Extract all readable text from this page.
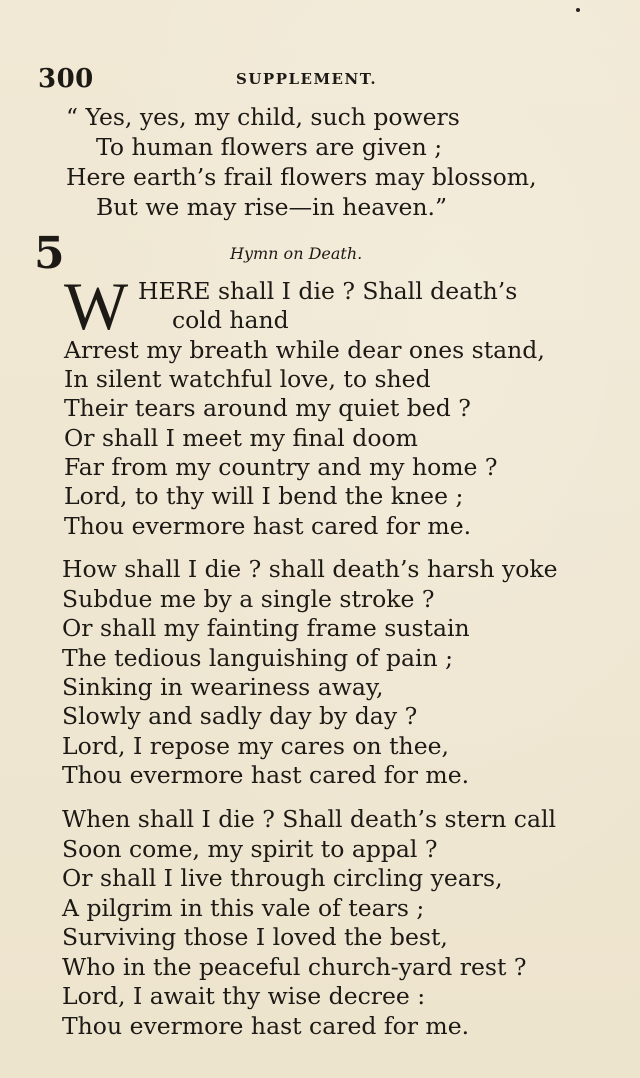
300	SUPPLEMENT.
“ Yes, yes, my child, such powers
To human flowers are given ;
Here earth’s frail flowers may blossom,
But we may rise—in heaven.”
5	Hymn on Death.
W HERE shall I die ? Shall death’s
cold hand
Arrest my breath while dear ones stand,
In silent watchful love, to shed
Their tears around my quiet bed ?
Or shall I meet my final doom
Far from my country and my home ?
Lord, to thy will I bend the knee ;
Thou evermore hast cared for me.
How shall I die ? shall death’s harsh yoke
Subdue me by a single stroke ?
Or shall my fainting frame sustain
The tedious languishing of pain ;
Sinking in weariness away,
Slowly and sadly day by day ?
Lord, I repose my cares on thee,
Thou evermore hast cared for me.
When shall I die ? Shall death’s stern call
Soon come, my spirit to appal ?
Or shall I live through circling years,
A pilgrim in this vale of tears ;
Surviving those I loved the best,
Who in the peaceful church-yard rest ?
Lord, I await thy wise decree :
Thou evermore hast cared for me.
